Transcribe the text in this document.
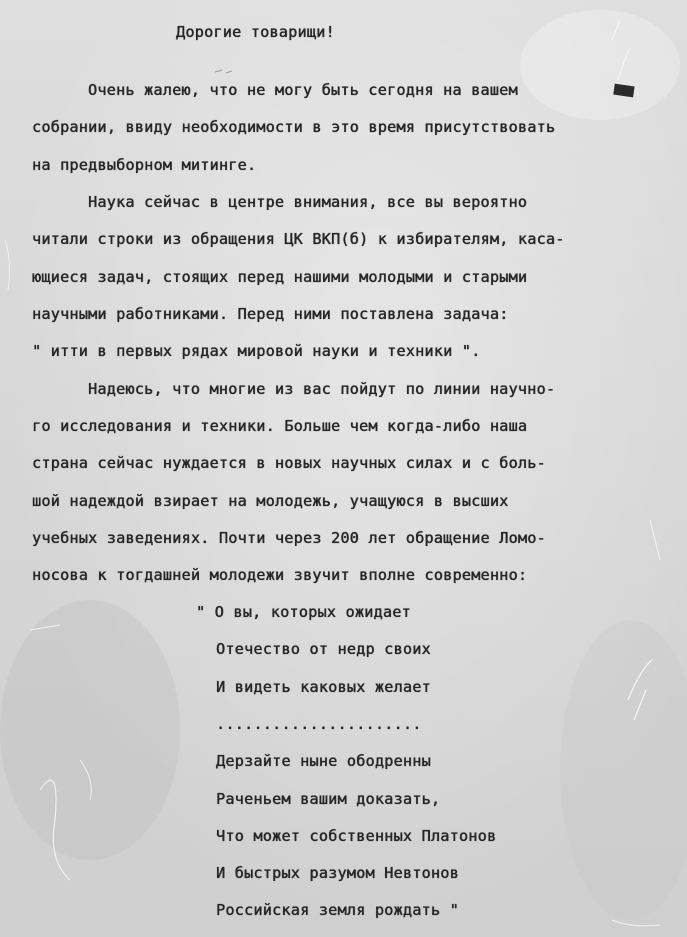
Дорогие товарищи!
Очень жалею, что не могу быть сегодня на вашем
собрании, ввиду необходимости в это время присутствовать
на предвыборном митинге.
Наука сейчас в центре внимания, все вы вероятно
читали строки из обращения ЦК ВКП(б) к избирателям, каса-
ющиеся задач, стоящих перед нашими молодыми и старыми
научными работниками. Перед ними поставлена задача:
" итти в первых рядах мировой науки и техники ".
Надеюсь, что многие из вас пойдут по линии научно-
го исследования и техники. Больше чем когда-либо наша
страна сейчас нуждается в новых научных силах и с боль-
шой надеждой взирает на молодежь, учащуюся в высших
учебных заведениях. Почти через 200 лет обращение Ломо-
носова к тогдашней молодежи звучит вполне современно:
" О вы, которых ожидает
Отечество от недр своих
И видеть каковых желает
......................
Дерзайте ныне ободренны
Раченьем вашим доказать,
Что может собственных Платонов
И быстрых разумом Невтонов
Российская земля рождать "
